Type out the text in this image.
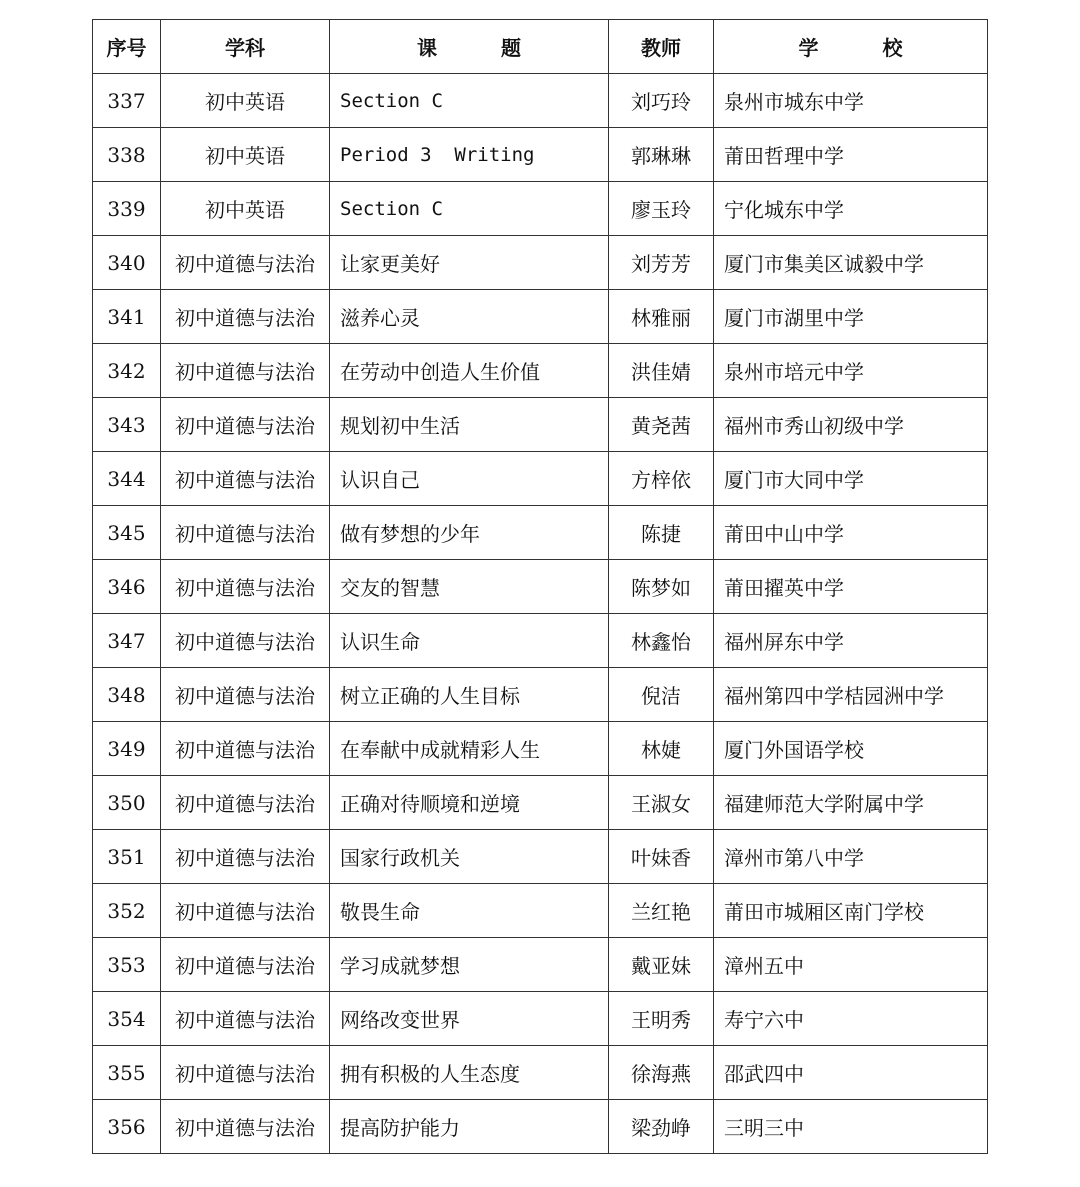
序号	学科	课 题	教师	学 校
337	初中英语	Section C	刘巧玲	泉州市城东中学
338	初中英语	Period 3  Writing	郭琳琳	莆田哲理中学
339	初中英语	Section C	廖玉玲	宁化城东中学
340	初中道德与法治	让家更美好	刘芳芳	厦门市集美区诚毅中学
341	初中道德与法治	滋养心灵	林雅丽	厦门市湖里中学
342	初中道德与法治	在劳动中创造人生价值	洪佳婧	泉州市培元中学
343	初中道德与法治	规划初中生活	黄尧茜	福州市秀山初级中学
344	初中道德与法治	认识自己	方梓依	厦门市大同中学
345	初中道德与法治	做有梦想的少年	陈捷	莆田中山中学
346	初中道德与法治	交友的智慧	陈梦如	莆田擢英中学
347	初中道德与法治	认识生命	林鑫怡	福州屏东中学
348	初中道德与法治	树立正确的人生目标	倪洁	福州第四中学桔园洲中学
349	初中道德与法治	在奉献中成就精彩人生	林婕	厦门外国语学校
350	初中道德与法治	正确对待顺境和逆境	王淑女	福建师范大学附属中学
351	初中道德与法治	国家行政机关	叶妹香	漳州市第八中学
352	初中道德与法治	敬畏生命	兰红艳	莆田市城厢区南门学校
353	初中道德与法治	学习成就梦想	戴亚妹	漳州五中
354	初中道德与法治	网络改变世界	王明秀	寿宁六中
355	初中道德与法治	拥有积极的人生态度	徐海燕	邵武四中
356	初中道德与法治	提高防护能力	梁劲峥	三明三中
